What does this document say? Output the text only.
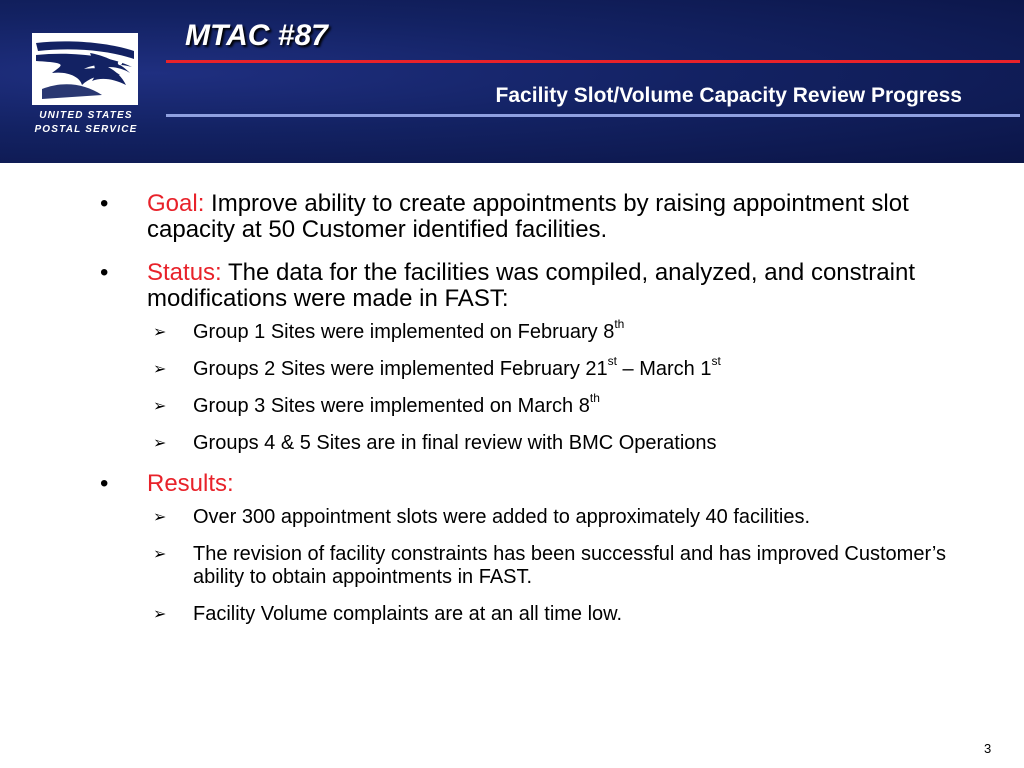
UNITED STATES
POSTAL SERVICE
MTAC #87
Facility Slot/Volume Capacity Review Progress
• Goal: Improve ability to create appointments by raising appointment slot capacity at 50 Customer identified facilities.
• Status: The data for the facilities was compiled, analyzed, and constraint modifications were made in FAST:
➢ Group 1 Sites were implemented on February 8th
➢ Groups 2 Sites were implemented February 21st – March 1st
➢ Group 3 Sites were implemented on March 8th
➢ Groups 4 & 5 Sites are in final review with BMC Operations
• Results:
➢ Over 300 appointment slots were added to approximately 40 facilities.
➢ The revision of facility constraints has been successful and has improved Customer’s ability to obtain appointments in FAST.
➢ Facility Volume complaints are at an all time low.
3
